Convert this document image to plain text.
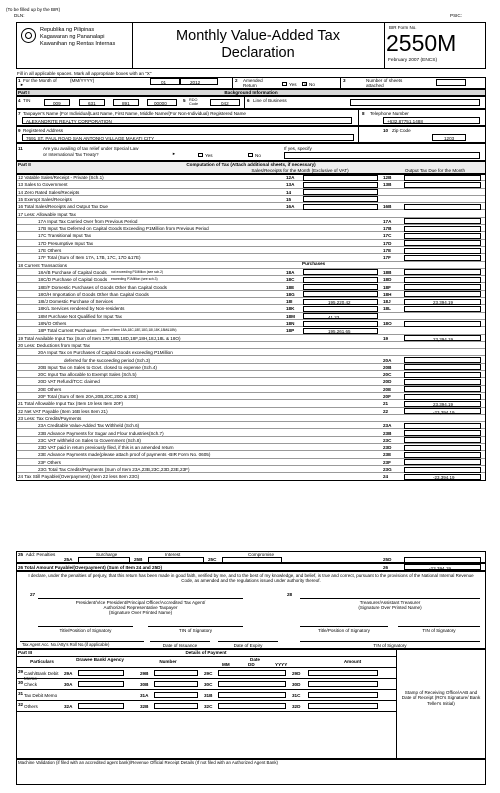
(To be filled up by the BIR)
DLN:	PSIC:
Republika ng Pilipinas
Kagawaran ng Pananalapi
Kawanihan ng Rentas Internas	Monthly Value-Added Tax
Declaration
BIR Form No.
2550M
February 2007 (ENCS)
Fill in all applicable spaces. Mark all appropriate boxes with an "X"
1 For the Month of	(MM/YYYY)
►	01	2012	2 Amended Return	Yes X No
3	Number of sheets attached
Part I	Background Information
4 TIN
009	631	891	00000
5 RDO Code	042
6 Line of Business
7 Taxpayer's Name (For Individual)Last Name, First Name, Middle Name/(For Non-Individual) Registered Name
ALEXANDRITE REALTY CORPORATION
8 Telephone Number
+632.87751.1488
9 Registered Address
7691 ST. PAUL ROAD SAN ANTONIO VILLAGE MAKATI CITY
10 Zip Code
1203
11	Are you availing of tax relief under Special Law
or International Tax Treaty?	►	Yes	No
If yes, specify
Part II	Computation of Tax (Attach additional sheets, if necessary)
Sales/Receipts for the Month (Exclusive of VAT)	Output Tax Due for the Month
12 Vatable Sales/Receipt - Private (Sch.1)	12A	12B
13 Sales to Government	13A	13B
14 Zero Rated Sales/Receipts	14
15 Exempt Sales/Receipts	15
16 Total Sales/Receipts and Output Tax Due	16A	16B
17 Less: Allowable Input Tax
17A Input Tax Carried Over from Previous Period	17A
17B Input Tax Deferred on Capital Goods Exceeding P1Million from Previous Period	17B
17C Transitional Input Tax	17C
17D Presumptive Input Tax	17D
17E Others	17E
17F Total (Sum of Item 17A, 17B, 17C, 17D &17E)	17F
18 Current Transactions
18A/B Purchase of Capital Goods not exceeding P1Million (see sch.2)	18A	18B
18C/D Purchase of Capital Goods exceeding P1Million (see sch.3)	18C	18D
18E/F Domestic Purchases of Goods Other than Capital Goods	18E	18F
18G/H Importation of Goods Other than Capital Goods	18G	18H
18I/J Domestic Purchase of Services	18I	195,220.42	18J	23,394.19
18K/L Services rendered by Non-residents	18K	18L
18M Purchase Not Qualified for Input Tax	18M	41.23
18N/O Others	18N	18O
18P Total Current Purchases (Sum of Item 18A,18C,18E,18G,18I,18K,18M&18N)	18P	195,261.65
19 Total Available Input Tax (Sum of Item 17F,18B,18D,18F,18H,18J,18L & 18O)	19	23,394.19
20 Less: Deductions from Input Tax
20A Input Tax on Purchases of Capital Goods exceeding P1Million
deferred for the succeeding period (Sch.3)	20A
20B Input Tax on Sales to Govt. closed to expense (Sch.4)	20B
20C Input Tax allocable to Exempt Sales (Sch.5)	20C
20D VAT Refund/TCC claimed	20D
20E Others	20E
20F Total (Sum of Item 20A,20B,20C,20D & 20E)	20F
21 Total Allowable Input Tax (Item 19 less Item 20F)	21	23,394.19
22 Net VAT Payable (Item 16B less Item 21)	22	-23,394.19
23 Less: Tax Credits/Payments
23A Creditable Value-Added Tax Withheld (Sch.6)	23A
23B Advance Payments for Sugar and Flour Industries(Sch.7)	23B
23C VAT withheld on Sales to Government (Sch.8)	23C
23D VAT paid in return previously filed, if this is an amended return	23D
23E Advance Payments made(please attach proof of payments -BIR Form No. 0605)	23E
23F Others	23F
23G Total Tax Credits/Payments (Sum of Item 23A,23B,23C,23D,23E,23F)	23G
24 Tax Still Payable/(Overpayment) (Item 22 less Item 23G)	24	-23,394.19
Purchases
25 Add: Penalties	Surcharge	Interest	Compromise
25A	25B	25C	25D
26 Total Amount Payable/(Overpayment) (Sum of Item 24 and 25D)	26	-23,394.19
I declare, under the penalties of perjury, that this return has been made in good faith, verified by me, and to the best of my knowledge, and belief, is true and correct, pursuant to the provisions of the National Internal Revenue Code, as amended and the regulations issued under authority thereof.
27
President/Vice President/Principal Officer/Accredited Tax Agent/
Authorized Representative Taxpayer
(Signature Over Printed Name)
28
Treasurer/Assistant Treasurer
(Signature Over Printed Name)
Title/Position of Signatory	TIN of Signatory	Title/Position of Signatory	TIN of Signatory
Tax Agent Acc. No./Atty's Roll No.(if applicable)	Date of Issuance	Date of Expiry	TIN of Signatory
Part III	Details of Payment
Particulars	Drawee Bank/ Agency	Number	Date
MM	DD	YYYY
Amount
Stamp of Receiving Office/AAB and Date of Receipt (RO's Signature/ Bank Teller's Initial)
29 Cash/Bank Debit Memo
29A	29B	29C	29D
30 Check	30A	30B	30C	30D
31 Tax Debit Memo	31A	31B	31C
32 Others	32A	32B	32C	32D
Machine Validation (if filed with an accredited agent bank)/Revenue Official Receipt Details (If not filed with an Authorized Agent Bank)
